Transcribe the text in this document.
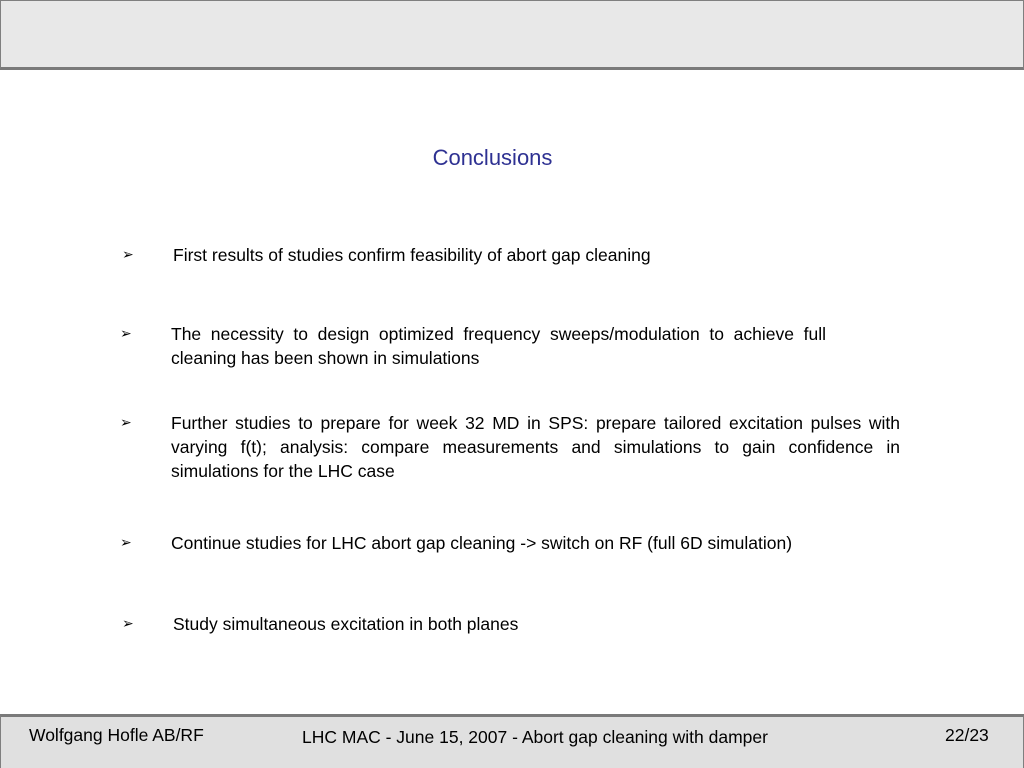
Conclusions
➢ First results of studies confirm feasibility of abort gap cleaning
➢ The necessity to design optimized frequency sweeps/modulation to achieve full cleaning has been shown in simulations
➢ Further studies to prepare for week 32 MD in SPS: prepare tailored excitation pulses with varying f(t); analysis: compare measurements and simulations to gain confidence in simulations for the LHC case
➢ Continue studies for LHC abort gap cleaning -> switch on RF (full 6D simulation)
➢ Study simultaneous excitation in both planes
Wolfgang Hofle AB/RF	LHC MAC - June 15, 2007 - Abort gap cleaning with damper	22/23
